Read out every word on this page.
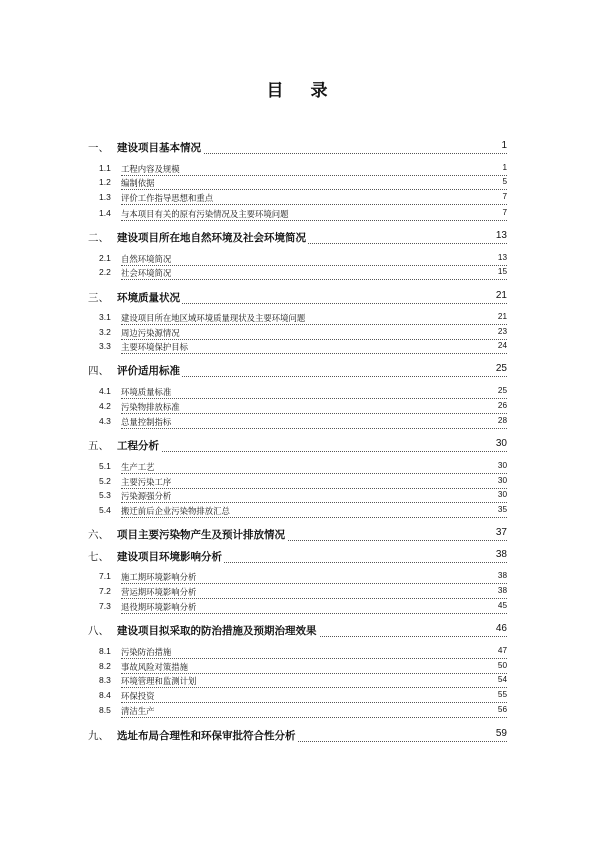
目 录
一、 建设项目基本情况	1
1.1 工程内容及规模	1
1.2 编制依据	5
1.3 评价工作指导思想和重点	7
1.4 与本项目有关的原有污染情况及主要环境问题	7
二、 建设项目所在地自然环境及社会环境简况	13
2.1 自然环境简况	13
2.2 社会环境简况	15
三、 环境质量状况	21
3.1 建设项目所在地区域环境质量现状及主要环境问题	21
3.2 周边污染源情况	23
3.3 主要环境保护目标	24
四、 评价适用标准	25
4.1 环境质量标准	25
4.2 污染物排放标准	26
4.3 总量控制指标	28
五、 工程分析	30
5.1 生产工艺	30
5.2 主要污染工序	30
5.3 污染源强分析	30
5.4 搬迁前后企业污染物排放汇总	35
六、 项目主要污染物产生及预计排放情况	37
七、 建设项目环境影响分析	38
7.1 施工期环境影响分析	38
7.2 营运期环境影响分析	38
7.3 退役期环境影响分析	45
八、 建设项目拟采取的防治措施及预期治理效果	46
8.1 污染防治措施	47
8.2 事故风险对策措施	50
8.3 环境管理和监测计划	54
8.4 环保投资	55
8.5 清洁生产	56
九、 选址布局合理性和环保审批符合性分析	59
